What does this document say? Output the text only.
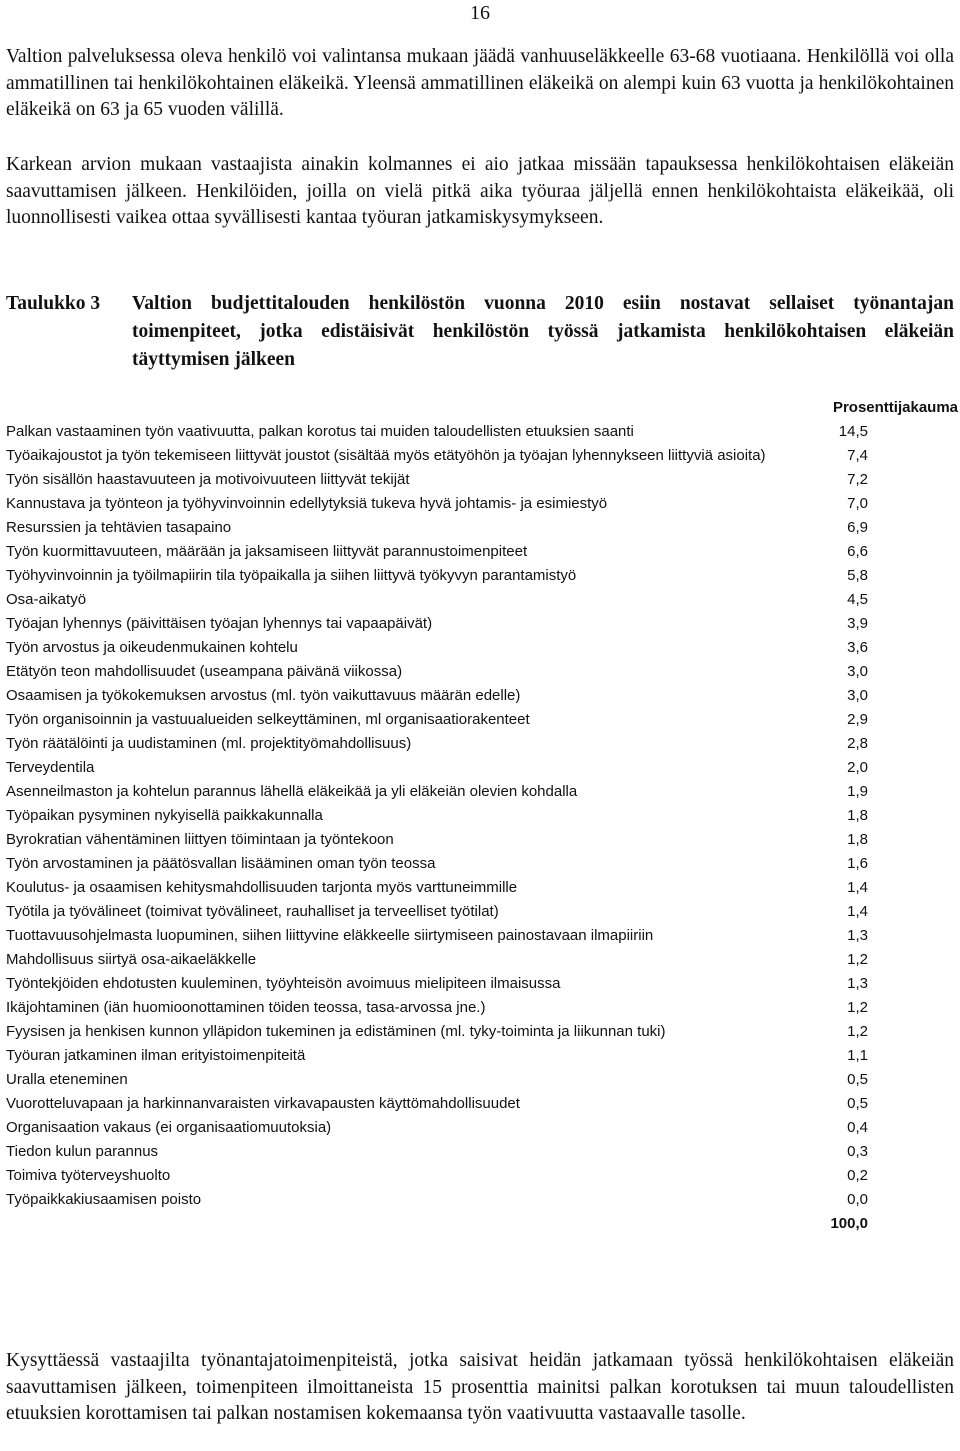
16

Valtion palveluksessa oleva henkilö voi valintansa mukaan jäädä vanhuuseläkkeelle 63-68 vuotiaana. Henkilöllä voi olla ammatillinen tai henkilökohtainen eläkeikä. Yleensä ammatillinen eläkeikä on alempi kuin 63 vuotta ja henkilökohtainen eläkeikä on 63 ja 65 vuoden välillä.

Karkean arvion mukaan vastaajista ainakin kolmannes ei aio jatkaa missään tapauksessa henkilökohtaisen eläkeiän saavuttamisen jälkeen. Henkilöiden, joilla on vielä pitkä aika työuraa jäljellä ennen henkilökohtaista eläkeikää, oli luonnollisesti vaikea ottaa syvällisesti kantaa työuran jatkamiskysymykseen.

Taulukko 3	Valtion budjettitalouden henkilöstön vuonna 2010 esiin nostavat sellaiset työnantajan toimenpiteet, jotka edistäisivät henkilöstön työssä jatkamista henkilökohtaisen eläkeiän täyttymisen jälkeen
Prosenttijakauma
Palkan vastaaminen työn vaativuutta, palkan korotus tai muiden taloudellisten etuuksien saanti	14,5
Työaikajoustot ja työn tekemiseen liittyvät joustot (sisältää myös etätyöhön ja työajan lyhennykseen liittyviä asioita)	7,4
Työn sisällön haastavuuteen ja motivoivuuteen liittyvät tekijät	7,2
Kannustava ja työnteon ja työhyvinvoinnin edellytyksiä tukeva hyvä johtamis- ja esimiestyö	7,0
Resurssien ja tehtävien tasapaino	6,9
Työn kuormittavuuteen, määrään ja jaksamiseen liittyvät parannustoimenpiteet	6,6
Työhyvinvoinnin ja työilmapiirin tila työpaikalla ja siihen liittyvä työkyvyn parantamistyö	5,8
Osa-aikatyö	4,5
Työajan lyhennys (päivittäisen työajan lyhennys tai vapaapäivät)	3,9
Työn arvostus ja oikeudenmukainen kohtelu	3,6
Etätyön teon mahdollisuudet (useampana päivänä viikossa)	3,0
Osaamisen ja työkokemuksen arvostus (ml. työn vaikuttavuus määrän edelle)	3,0
Työn organisoinnin ja vastuualueiden selkeyttäminen, ml organisaatiorakenteet	2,9
Työn räätälöinti ja uudistaminen (ml. projektityömahdollisuus)	2,8
Terveydentila	2,0
Asenneilmaston ja kohtelun parannus lähellä eläkeikää ja yli eläkeiän olevien kohdalla	1,9
Työpaikan pysyminen nykyisellä paikkakunnalla	1,8
Byrokratian vähentäminen liittyen töimintaan ja työntekoon	1,8
Työn arvostaminen ja päätösvallan lisääminen oman työn teossa	1,6
Koulutus- ja osaamisen kehitysmahdollisuuden tarjonta myös varttuneimmille	1,4
Työtila ja työvälineet (toimivat työvälineet, rauhalliset ja terveelliset työtilat)	1,4
Tuottavuusohjelmasta luopuminen, siihen liittyvine eläkkeelle siirtymiseen painostavaan ilmapiiriin	1,3
Mahdollisuus siirtyä osa-aikaeläkkelle	1,2
Työntekjöiden ehdotusten kuuleminen, työyhteisön avoimuus mielipiteen ilmaisussa	1,3
Ikäjohtaminen (iän huomioonottaminen töiden teossa, tasa-arvossa jne.)	1,2
Fyysisen ja henkisen kunnon ylläpidon tukeminen ja edistäminen (ml. tyky-toiminta ja liikunnan tuki)	1,2
Työuran jatkaminen ilman erityistoimenpiteitä	1,1
Uralla eteneminen	0,5
Vuorotteluvapaan ja harkinnanvaraisten virkavapausten käyttömahdollisuudet	0,5
Organisaation vakaus (ei organisaatiomuutoksia)	0,4
Tiedon kulun parannus	0,3
Toimiva työterveyshuolto	0,2
Työpaikkakiusaamisen poisto	0,0
100,0

Kysyttäessä vastaajilta työnantajatoimenpiteistä, jotka saisivat heidän jatkamaan työssä henkilökohtaisen eläkeiän saavuttamisen jälkeen, toimenpiteen ilmoittaneista 15 prosenttia mainitsi palkan korotuksen tai muun taloudellisten etuuksien korottamisen tai palkan nostamisen kokemaansa työn vaativuutta vastaavalle tasolle.
